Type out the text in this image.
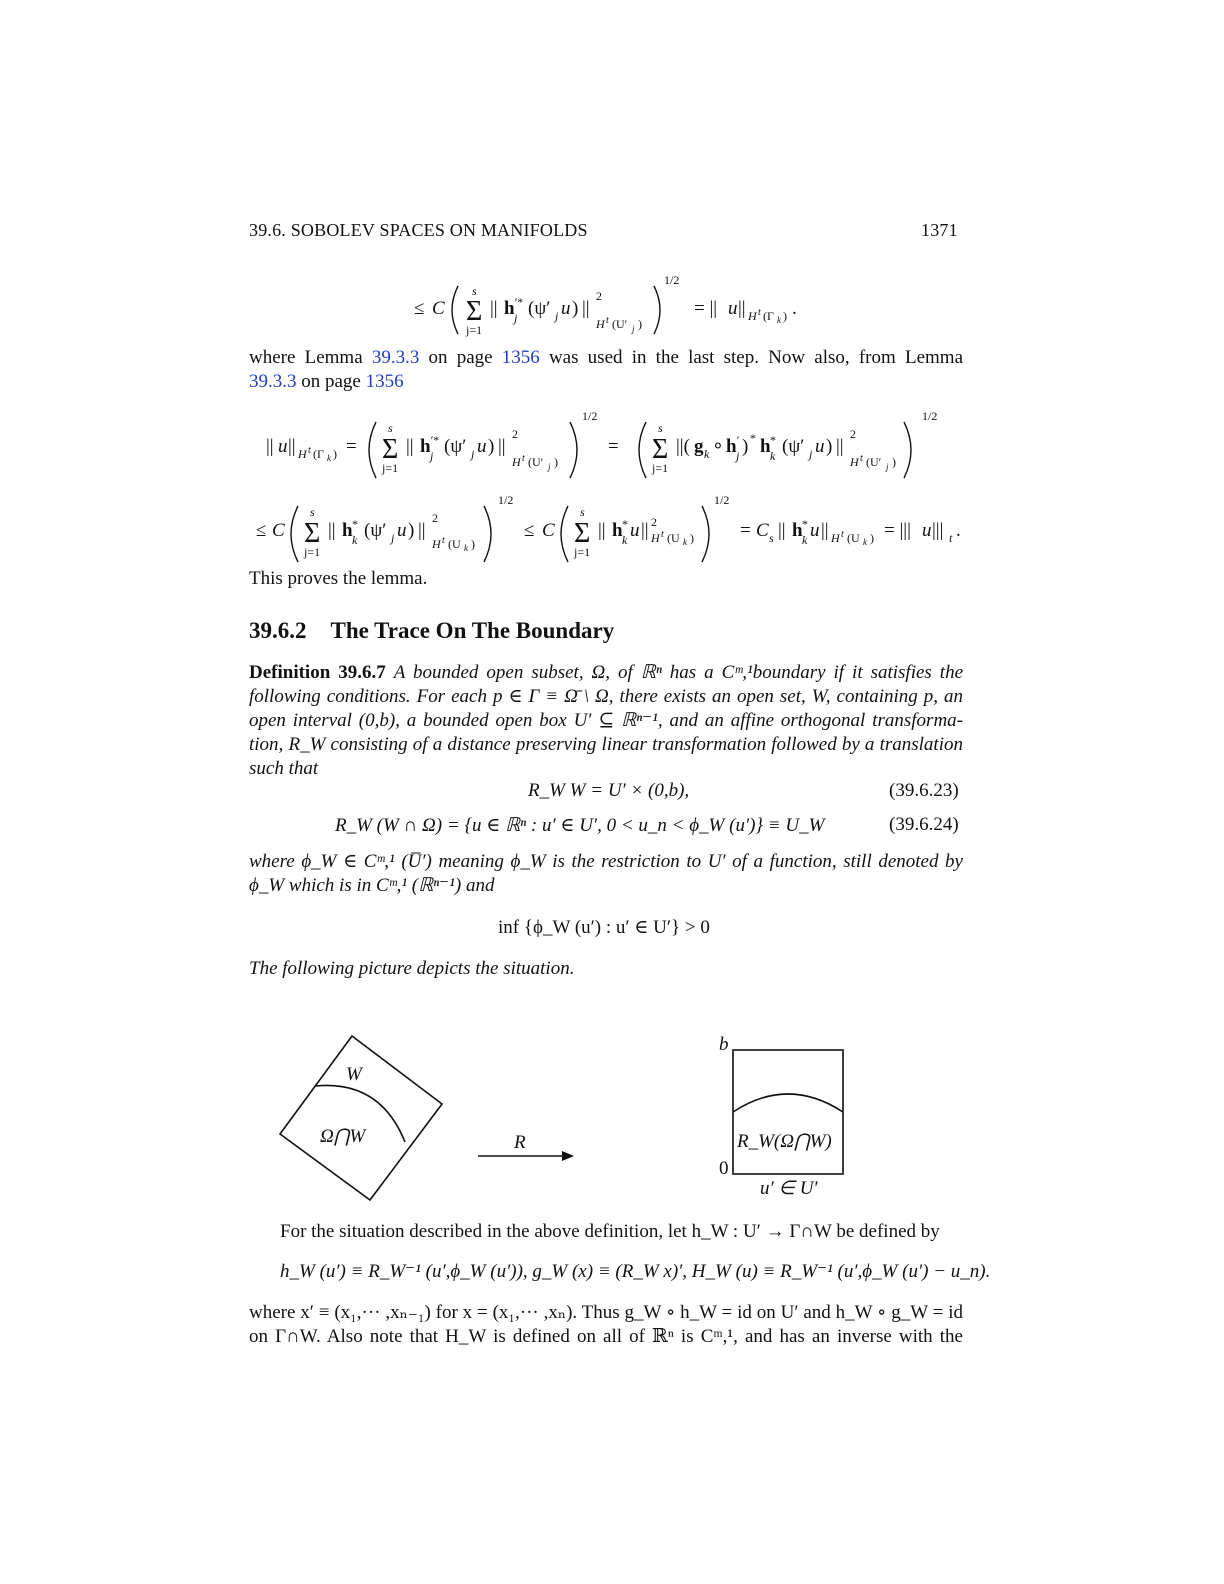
39.6. SOBOLEV SPACES ON MANIFOLDS	1371
≤ C Σ
s
j=1
|| h ′*
j (ψ′ j u ) ||
2
H t (U′ j )
1/2
= || u || H t (Γ k ) .
where Lemma 39.3.3 on page 1356 was used in the last step. Now also, from Lemma
39.3.3 on page 1356
|| u || H t (Γ k ) = Σ
s
j=1
|| h ′*
j (ψ′ j u ) ||
2
H t (U′ j )
1/2
= Σ
s
j=1
||( g k ∘ h ′
j ) * h *
k (ψ′ j u ) ||
2
H t (U′ j )
1/2
≤ C Σ
s
j=1
|| h *
k (ψ′ j u ) ||
2
H t (U k )
1/2
≤ C Σ
s
j=1
|| h *
k u || 2
H t (U k )
1/2
= C s || h *
k u || H t (U k ) = ||| u ||| t .
This proves the lemma.
39.6.2 The Trace On The Boundary
Definition 39.6.7 A bounded open subset, Ω, of ℝⁿ has a Cᵐ,¹boundary if it satisfies the
following conditions. For each p ∈ Γ ≡ Ω̄ \ Ω, there exists an open set, W, containing p, an
open interval (0,b), a bounded open box U′ ⊆ ℝⁿ⁻¹, and an affine orthogonal transforma-
tion, R_W consisting of a distance preserving linear transformation followed by a translation
such that
R_W W = U′ × (0,b),	(39.6.23)
R_W (W ∩ Ω) = {u ∈ ℝⁿ : u′ ∈ U′, 0 < u_n < ϕ_W (u′)} ≡ U_W	(39.6.24)
where ϕ_W ∈ Cᵐ,¹ (U̅′) meaning ϕ_W is the restriction to U′ of a function, still denoted by
ϕ_W which is in Cᵐ,¹ (ℝⁿ⁻¹) and
inf {ϕ_W (u′) : u′ ∈ U′} > 0
The following picture depicts the situation.
W
Ω⋂W	R
b
0
R_W(Ω⋂W)
u′ ∈ U′
For the situation described in the above definition, let h_W : U′ → Γ∩W be defined by
h_W (u′) ≡ R_W⁻¹ (u′,ϕ_W (u′)), g_W (x) ≡ (R_W x)′, H_W (u) ≡ R_W⁻¹ (u′,ϕ_W (u′) − u_n).
where x′ ≡ (x₁,··· ,xₙ₋₁) for x = (x₁,··· ,xₙ). Thus g_W ∘ h_W = id on U′ and h_W ∘ g_W = id
on Γ∩W. Also note that H_W is defined on all of ℝⁿ is Cᵐ,¹, and has an inverse with the
